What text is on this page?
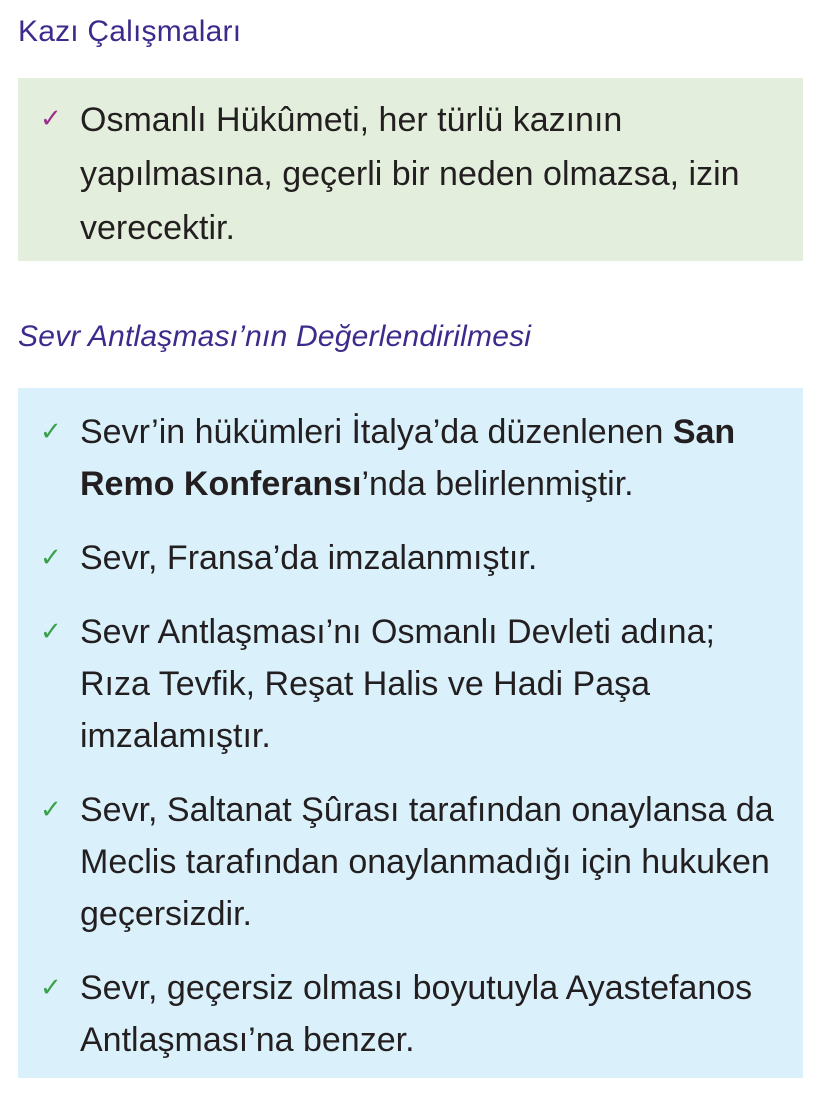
Kazı Çalışmaları
✓ Osmanlı Hükûmeti, her türlü kazının yapılmasına, geçerli bir neden olmazsa, izin verecektir.
Sevr Antlaşması’nın Değerlendirilmesi
✓ Sevr’in hükümleri İtalya’da düzenlenen San Remo Konferansı’nda belirlenmiştir.
✓ Sevr, Fransa’da imzalanmıştır.
✓ Sevr Antlaşması’nı Osmanlı Devleti adına; Rıza Tevfik, Reşat Halis ve Hadi Paşa imzalamıştır.
✓ Sevr, Saltanat Şûrası tarafından onaylansa da Meclis tarafından onaylanmadığı için hukuken geçersizdir.
✓ Sevr, geçersiz olması boyutuyla Ayastefanos Antlaşması’na benzer.
